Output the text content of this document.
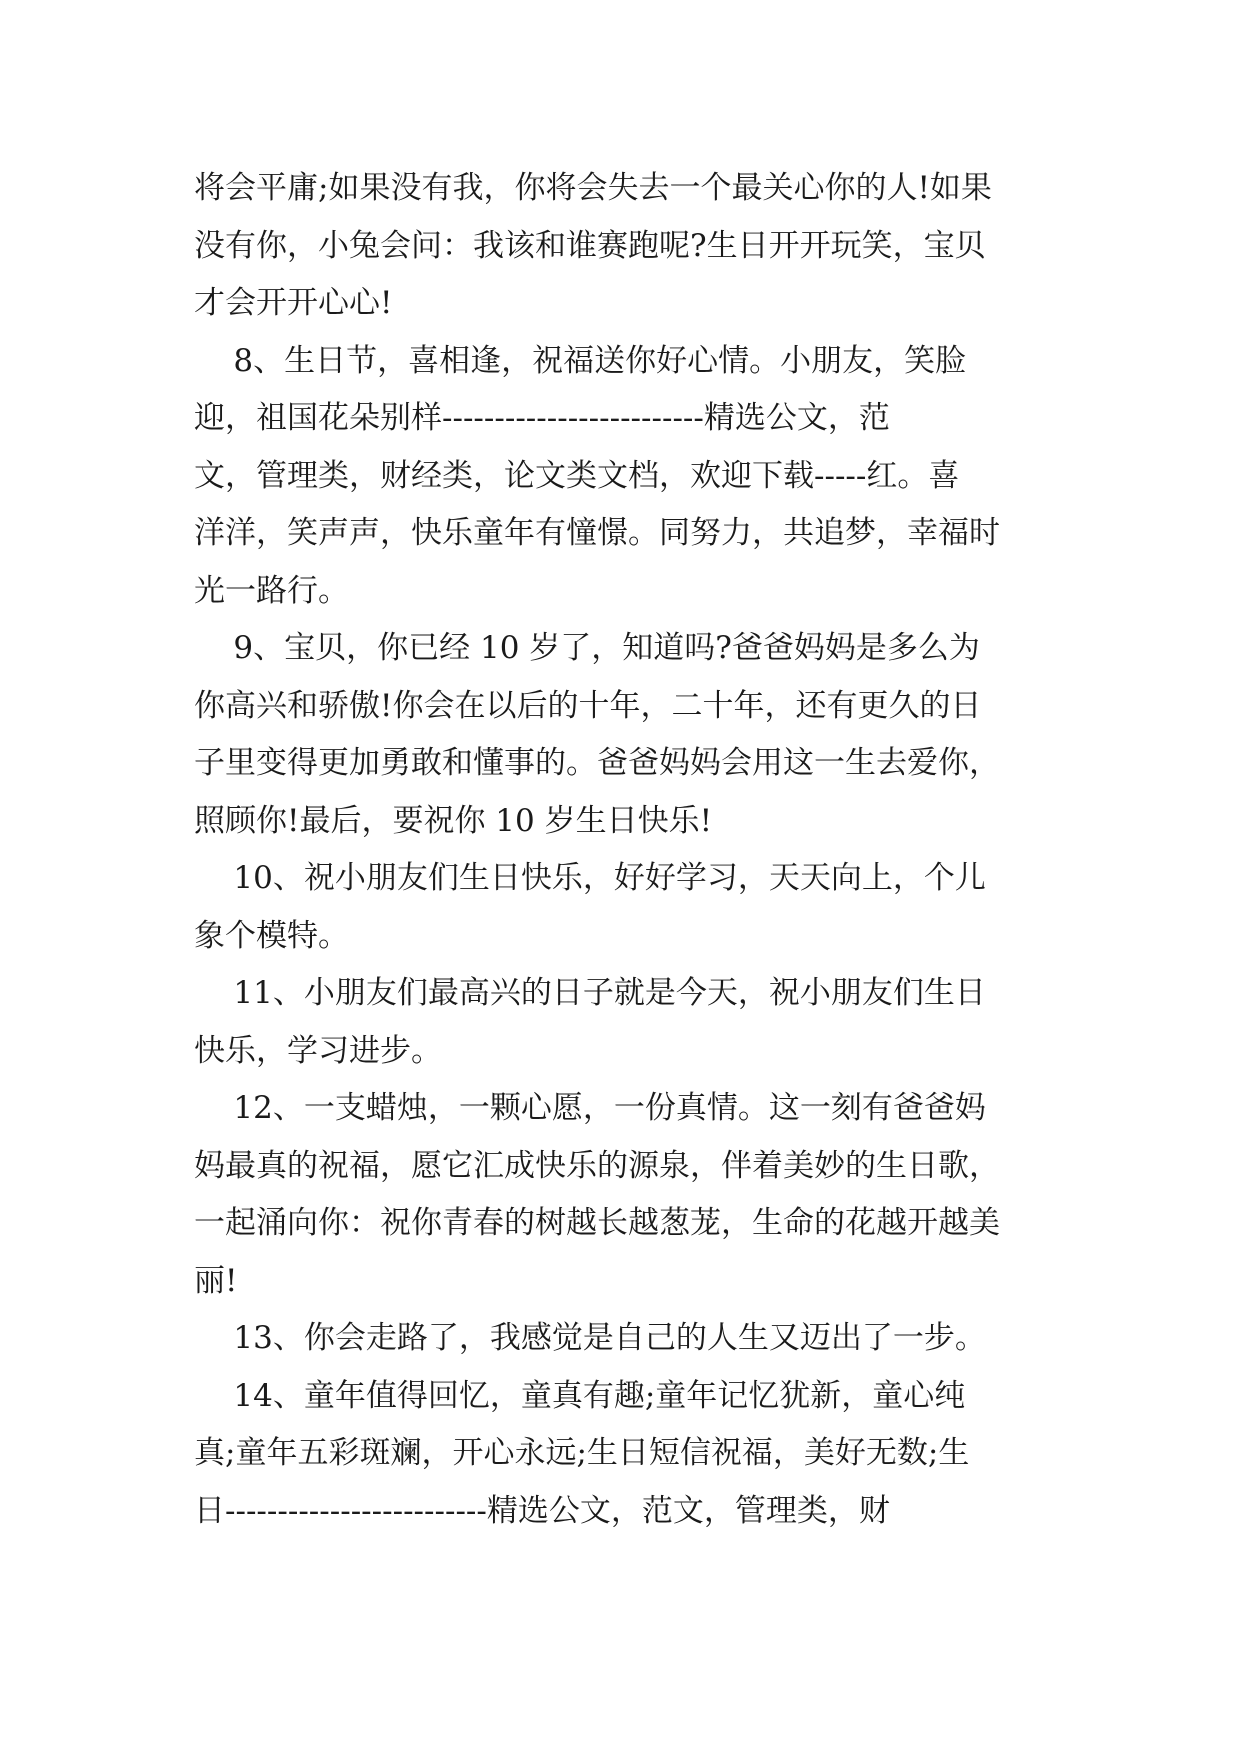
将会平庸;如果没有我，你将会失去一个最关心你的人!如果
没有你，小兔会问：我该和谁赛跑呢?生日开开玩笑，宝贝
才会开开心心!
8、生日节，喜相逢，祝福送你好心情。小朋友，笑脸
迎，祖国花朵别样-------------------------精选公文，范
文，管理类，财经类，论文类文档，欢迎下载-----红。喜
洋洋，笑声声，快乐童年有憧憬。同努力，共追梦，幸福时
光一路行。
9、宝贝，你已经 10 岁了，知道吗?爸爸妈妈是多么为
你高兴和骄傲!你会在以后的十年，二十年，还有更久的日
子里变得更加勇敢和懂事的。爸爸妈妈会用这一生去爱你，
照顾你!最后，要祝你 10 岁生日快乐!
10、祝小朋友们生日快乐，好好学习，天天向上，个儿
象个模特。
11、小朋友们最高兴的日子就是今天，祝小朋友们生日
快乐，学习进步。
12、一支蜡烛，一颗心愿，一份真情。这一刻有爸爸妈
妈最真的祝福，愿它汇成快乐的源泉，伴着美妙的生日歌，
一起涌向你：祝你青春的树越长越葱茏，生命的花越开越美
丽!
13、你会走路了，我感觉是自己的人生又迈出了一步。
14、童年值得回忆，童真有趣;童年记忆犹新，童心纯
真;童年五彩斑斓，开心永远;生日短信祝福，美好无数;生
日-------------------------精选公文，范文，管理类，财
